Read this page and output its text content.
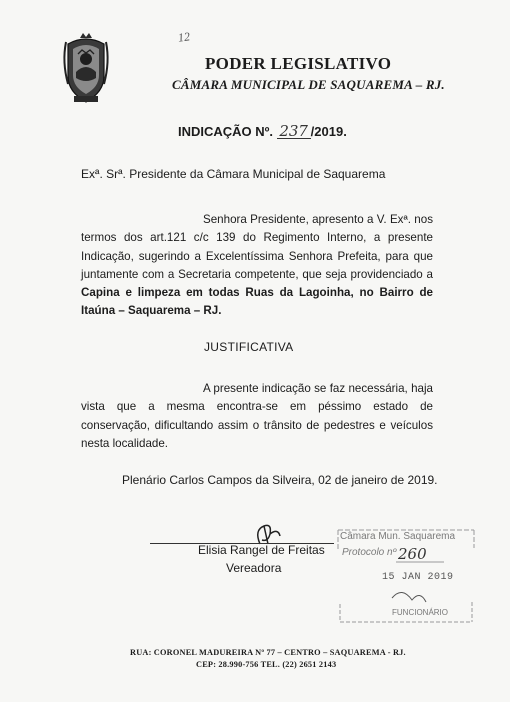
12
PODER LEGISLATIVO
CÂMARA MUNICIPAL DE SAQUAREMA – RJ.
INDICAÇÃO Nº. 237 /2019.
Exª. Srª. Presidente da Câmara Municipal de Saquarema
Senhora Presidente, apresento a V. Exª. nos termos dos art.121 c/c 139 do Regimento Interno, a presente Indicação, sugerindo a Excelentíssima Senhora Prefeita, para que juntamente com a Secretaria competente, que seja providenciado a Capina e limpeza em todas Ruas da Lagoinha, no Bairro de Itaúna – Saquarema – RJ.
JUSTIFICATIVA
A presente indicação se faz necessária, haja vista que a mesma encontra-se em péssimo estado de conservação, dificultando assim o trânsito de pedestres e veículos nesta localidade.
Plenário Carlos Campos da Silveira, 02 de janeiro de 2019.
Elisia Rangel de Freitas
Vereadora
Câmara Mun. Saquarema
Protocolo nº 260
15 JAN 2019
FUNCIONÁRIO
RUA: CORONEL MADUREIRA Nº 77 – CENTRO – SAQUAREMA - RJ.
CEP: 28.990-756 TEL. (22) 2651 2143
